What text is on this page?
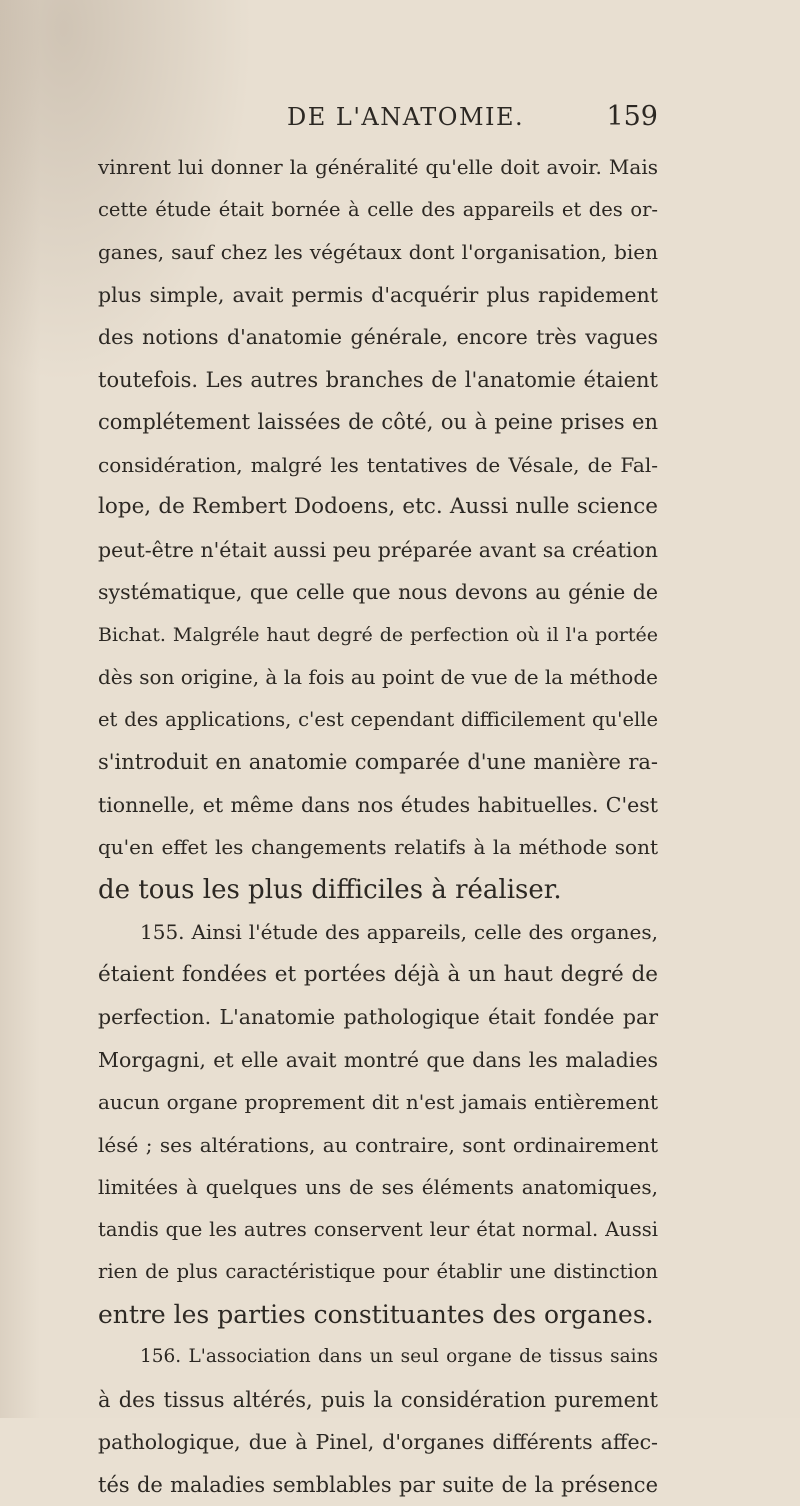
DE L'ANATOMIE.	159
vinrent lui donner la généralité qu'elle doit avoir. Mais
cette étude était bornée à celle des appareils et des or-
ganes, sauf chez les végétaux dont l'organisation, bien
plus simple, avait permis d'acquérir plus rapidement
des notions d'anatomie générale, encore très vagues
toutefois. Les autres branches de l'anatomie étaient
complétement laissées de côté, ou à peine prises en
considération, malgré les tentatives de Vésale, de Fal-
lope, de Rembert Dodoens, etc. Aussi nulle science
peut-être n'était aussi peu préparée avant sa création
systématique, que celle que nous devons au génie de
Bichat. Malgréle haut degré de perfection où il l'a portée
dès son origine, à la fois au point de vue de la méthode
et des applications, c'est cependant difficilement qu'elle
s'introduit en anatomie comparée d'une manière ra-
tionnelle, et même dans nos études habituelles. C'est
qu'en effet les changements relatifs à la méthode sont
de tous les plus difficiles à réaliser.
155. Ainsi l'étude des appareils, celle des organes,
étaient fondées et portées déjà à un haut degré de
perfection. L'anatomie pathologique était fondée par
Morgagni, et elle avait montré que dans les maladies
aucun organe proprement dit n'est jamais entièrement
lésé ; ses altérations, au contraire, sont ordinairement
limitées à quelques uns de ses éléments anatomiques,
tandis que les autres conservent leur état normal. Aussi
rien de plus caractéristique pour établir une distinction
entre les parties constituantes des organes.
156. L'association dans un seul organe de tissus sains
à des tissus altérés, puis la considération purement
pathologique, due à Pinel, d'organes différents affec-
tés de maladies semblables par suite de la présence
